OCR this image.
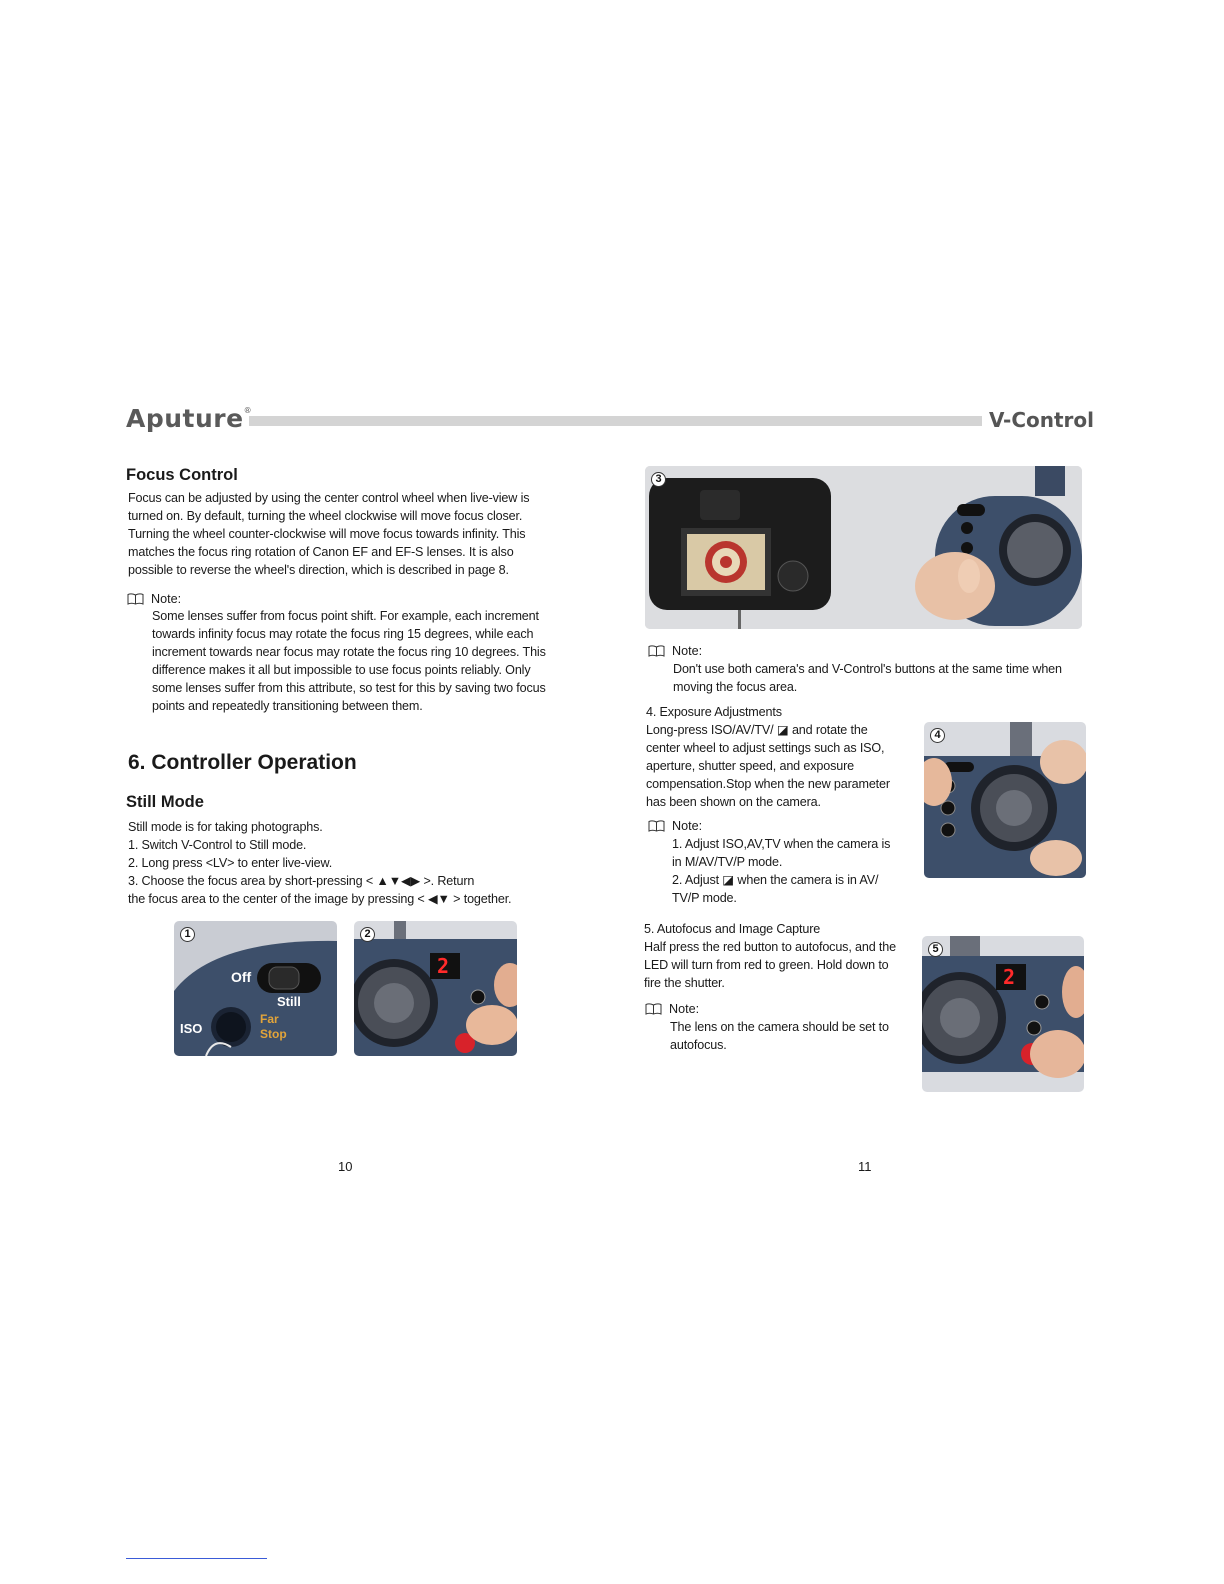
Aputure®	V-Control
Focus Control

Focus can be adjusted by using the center control wheel when live-view is

turned on. By default, turning the wheel clockwise will move focus closer.

Turning the wheel counter-clockwise will move focus towards infinity. This

matches the focus ring rotation of Canon EF and EF-S lenses. It is also

possible to reverse the wheel's direction, which is described in page 8.

Note:

Some lenses suffer from focus point shift. For example, each increment

towards infinity focus may rotate the focus ring 15 degrees, while each

increment towards near focus may rotate the focus ring 10 degrees. This

difference makes it all but impossible to use focus points reliably. Only

some lenses suffer from this attribute, so test for this by saving two focus

points and repeatedly transitioning between them.

6. Controller Operation
Still Mode

Still mode is for taking photographs.

1. Switch V-Control to Still mode.

2. Long press <LV> to enter live-view.

3. Choose the focus area by short-pressing < ▲▼◀▶ >. Return

the focus area to the center of the image by pressing < ◀▼ > together.

1
Off
Still
ISO
Far
Stop
2
2
10
3
Note:

Don't use both camera's and V-Control's buttons at the same time when

moving the focus area.

4. Exposure Adjustments

Long-press ISO/AV/TV/ ◪ and rotate the

center wheel to adjust settings such as ISO,

aperture, shutter speed, and exposure

compensation.Stop when the new parameter

has been shown on the camera.

Note:

1. Adjust ISO,AV,TV when the camera is

in M/AV/TV/P mode.

2. Adjust ◪ when the camera is in AV/

TV/P mode.

4

5. Autofocus and Image Capture

Half press the red button to autofocus, and the

LED will turn from red to green. Hold down to

fire the shutter.

Note:

The lens on the camera should be set to

autofocus.

5
2
11
